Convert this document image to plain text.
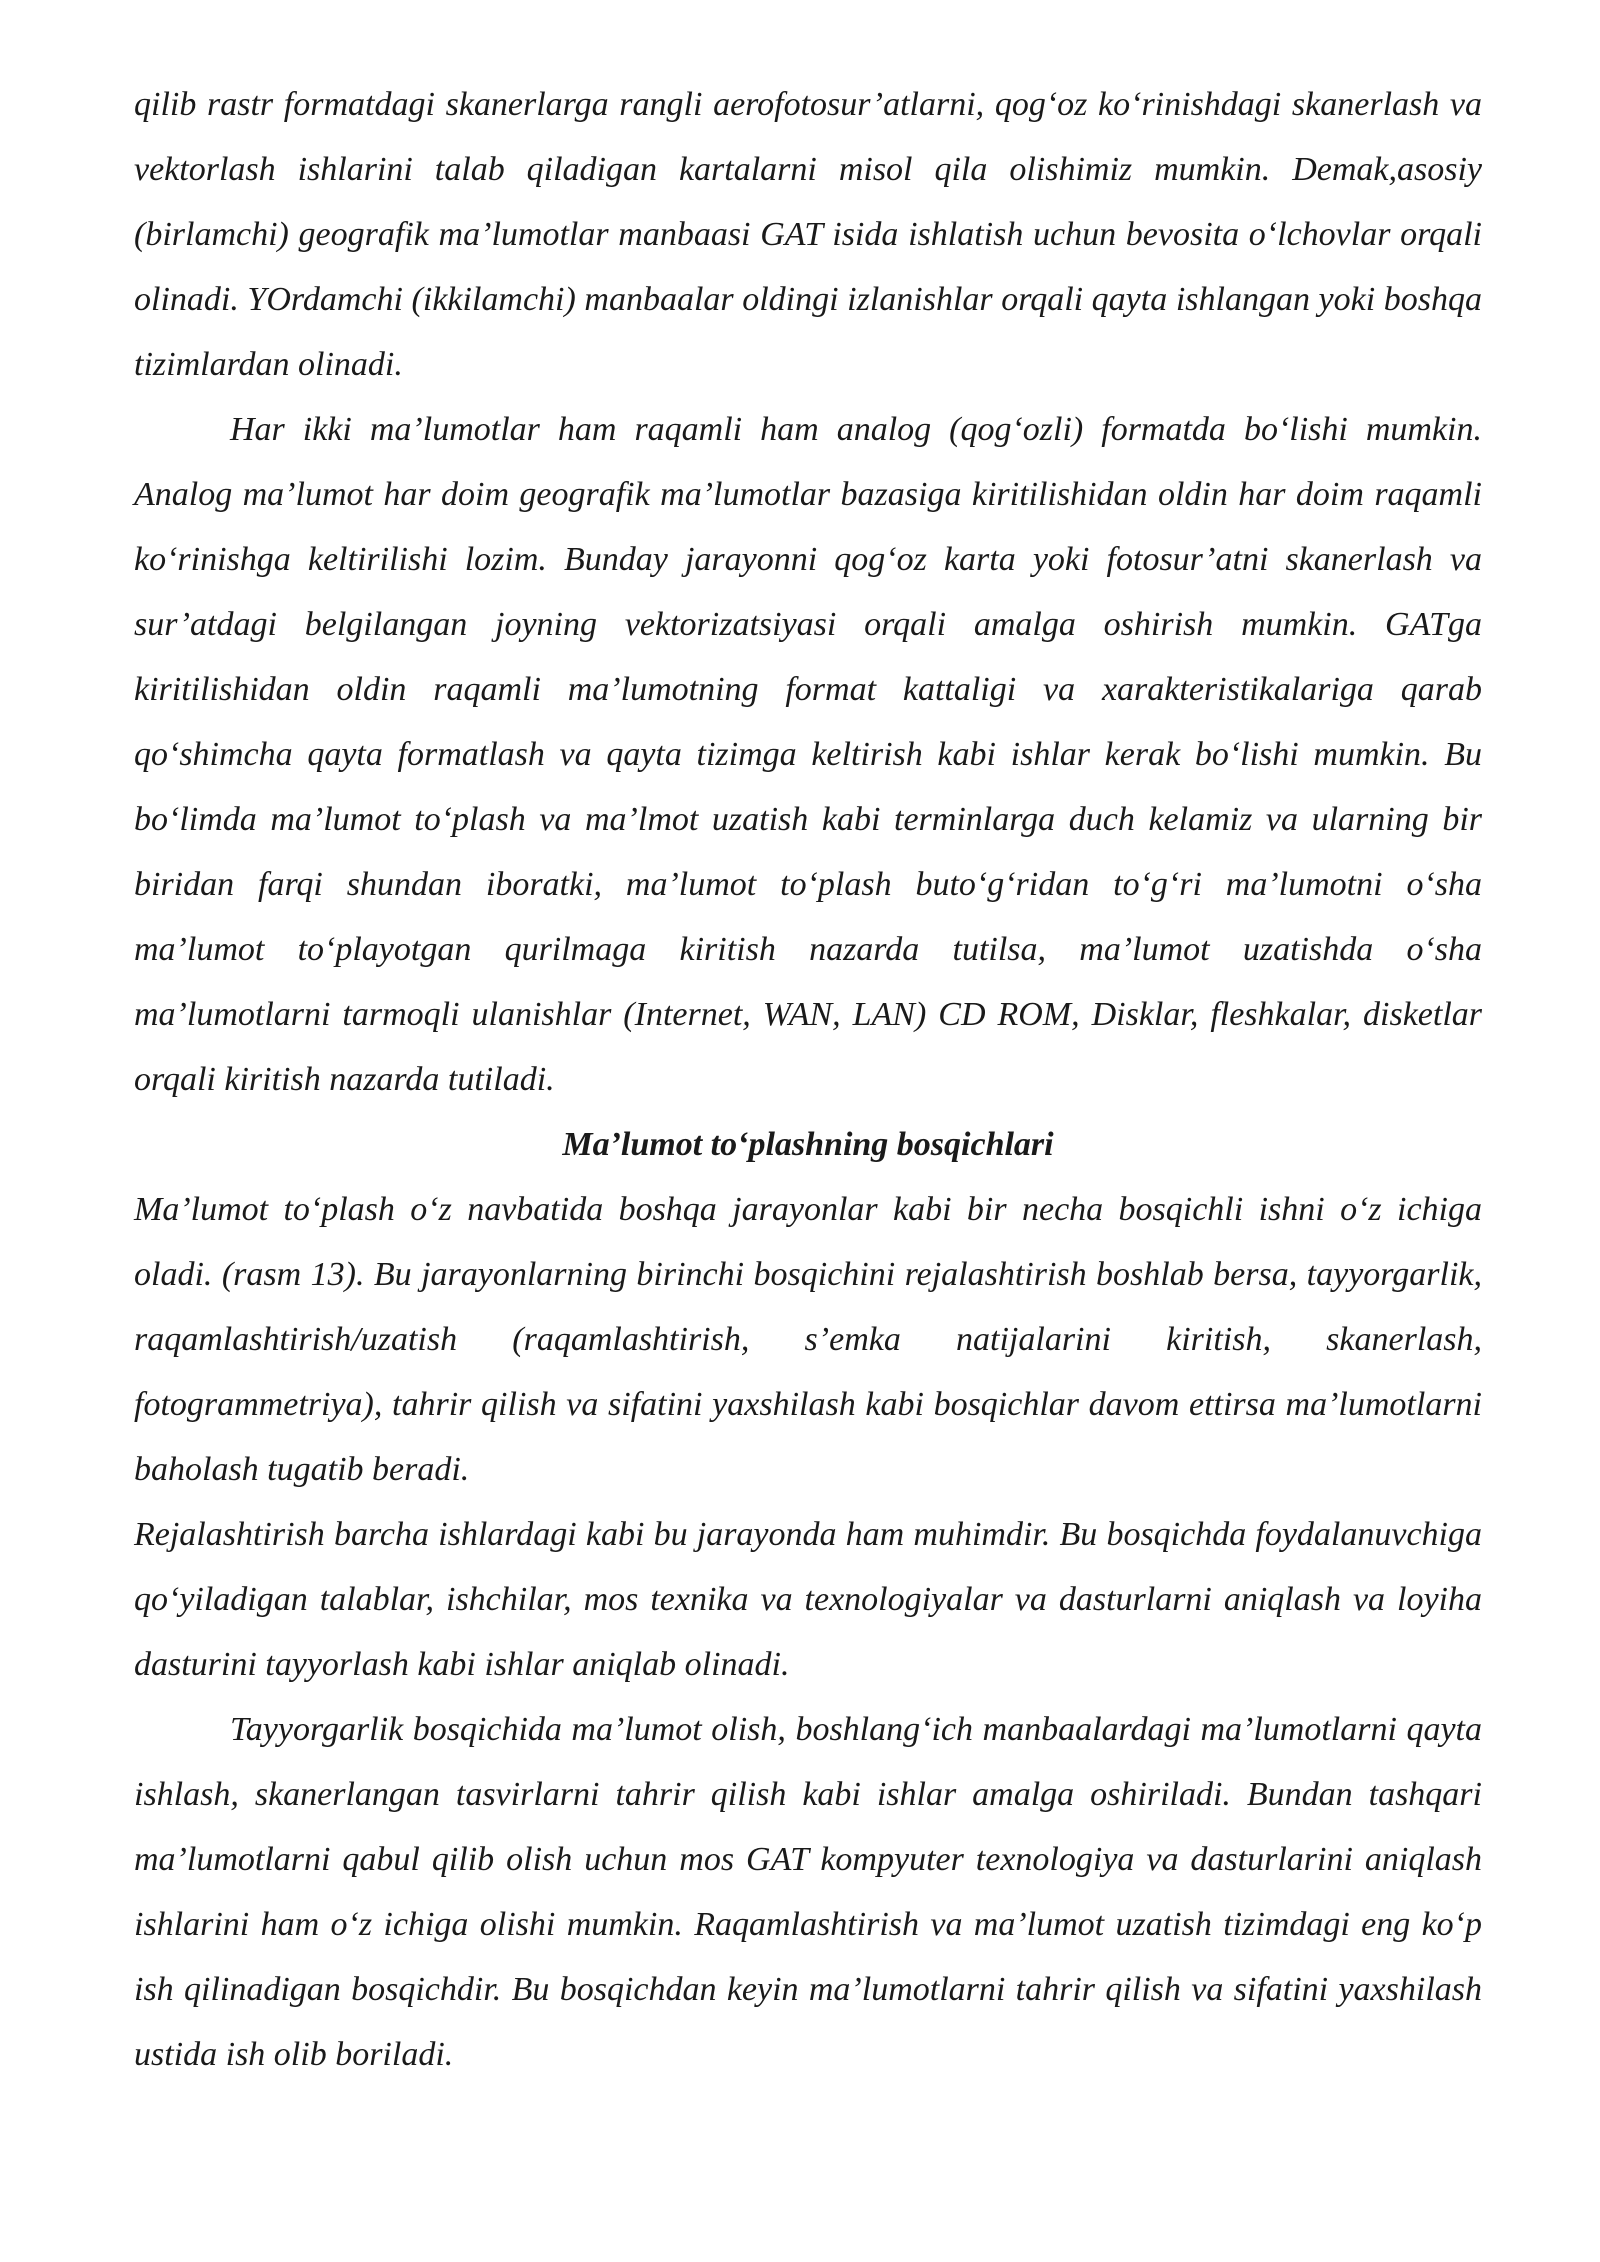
qilib rastr formatdagi skanerlarga rangli aerofotosur’atlarni, qog‘oz ko‘rinishdagi skanerlash va vektorlash ishlarini talab qiladigan kartalarni misol qila olishimiz mumkin. Demak,asosiy (birlamchi) geografik ma’lumotlar manbaasi GAT isida ishlatish uchun bevosita o‘lchovlar orqali olinadi. YOrdamchi (ikkilamchi) manbaalar oldingi izlanishlar orqali qayta ishlangan yoki boshqa tizimlardan olinadi.

Har ikki ma’lumotlar ham raqamli ham analog (qog‘ozli) formatda bo‘lishi mumkin. Analog ma’lumot har doim geografik ma’lumotlar bazasiga kiritilishidan oldin har doim raqamli ko‘rinishga keltirilishi lozim. Bunday jarayonni qog‘oz karta yoki fotosur’atni skanerlash va sur’atdagi belgilangan joyning vektorizatsiyasi orqali amalga oshirish mumkin. GATga kiritilishidan oldin raqamli ma’lumotning format kattaligi va xarakteristikalariga qarab qo‘shimcha qayta formatlash va qayta tizimga keltirish kabi ishlar kerak bo‘lishi mumkin. Bu bo‘limda ma’lumot to‘plash va ma’lmot uzatish kabi terminlarga duch kelamiz va ularning bir biridan farqi shundan iboratki, ma’lumot to‘plash buto‘g‘ridan to‘g‘ri ma’lumotni o‘sha ma’lumot to‘playotgan qurilmaga kiritish nazarda tutilsa, ma’lumot uzatishda o‘sha ma’lumotlarni tarmoqli ulanishlar (Internet, WAN, LAN) CD ROM, Disklar, fleshkalar, disketlar orqali kiritish nazarda tutiladi.

Ma’lumot to‘plashning bosqichlari

Ma’lumot to‘plash o‘z navbatida boshqa jarayonlar kabi bir necha bosqichli ishni o‘z ichiga oladi. (rasm 13). Bu jarayonlarning birinchi bosqichini rejalashtirish boshlab bersa, tayyorgarlik, raqamlashtirish/uzatish (raqamlashtirish, s’emka natijalarini kiritish, skanerlash, fotogrammetriya), tahrir qilish va sifatini yaxshilash kabi bosqichlar davom ettirsa ma’lumotlarni baholash tugatib beradi.

Rejalashtirish barcha ishlardagi kabi bu jarayonda ham muhimdir. Bu bosqichda foydalanuvchiga qo‘yiladigan talablar, ishchilar, mos texnika va texnologiyalar va dasturlarni aniqlash va loyiha dasturini tayyorlash kabi ishlar aniqlab olinadi.

Tayyorgarlik bosqichida ma’lumot olish, boshlang‘ich manbaalardagi ma’lumotlarni qayta ishlash, skanerlangan tasvirlarni tahrir qilish kabi ishlar amalga oshiriladi. Bundan tashqari ma’lumotlarni qabul qilib olish uchun mos GAT kompyuter texnologiya va dasturlarini aniqlash ishlarini ham o‘z ichiga olishi mumkin. Raqamlashtirish va ma’lumot uzatish tizimdagi eng ko‘p ish qilinadigan bosqichdir. Bu bosqichdan keyin ma’lumotlarni tahrir qilish va sifatini yaxshilash ustida ish olib boriladi.
